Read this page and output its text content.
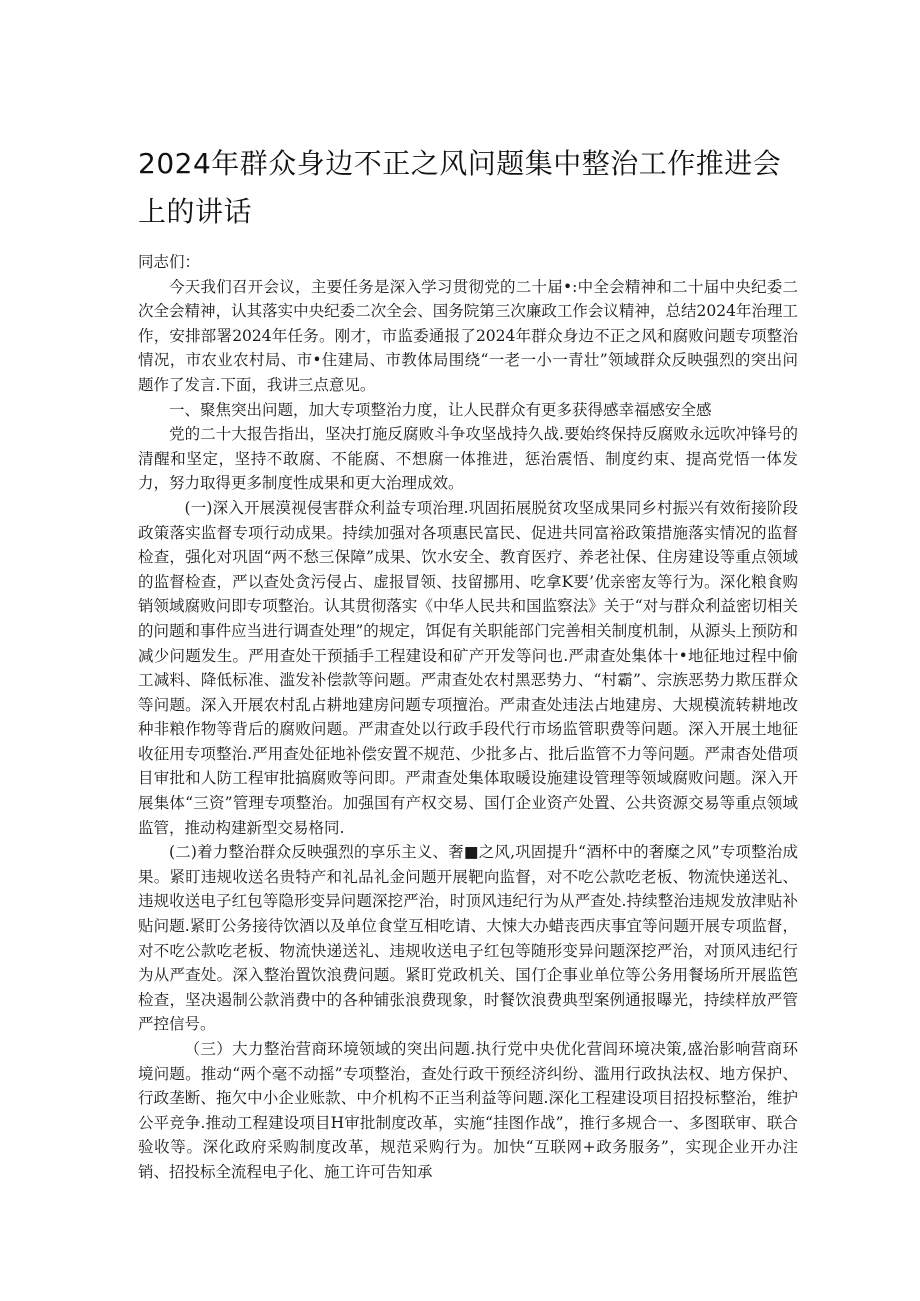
2024年群众身边不正之风问题集中整治工作推进会上的讲话

同志们：

今天我们召开会议，主要任务是深入学习贯彻党的二十届•:中全会精神和二十届中央纪委二次全会精神，认其落实中央纪委二次全会、国务院第三次廉政工作会议精神，总结2024年治理工作，安排部署2024年任务。刚才，市监委通报了2024年群众身边不正之风和腐败问题专项整治情况，市农业农村局、市•住建局、市教体局围绕“一老一小一青壮”领域群众反映强烈的突出问题作了发言.下面，我讲三点意见。

一、聚焦突出问题，加大专项整治力度，让人民群众有更多获得感幸福感安全感

党的二十大报告指出，坚决打施反腐败斗争攻坚战持久战.要始终保持反腐败永远吹冲锋号的清醒和坚定，坚持不敢腐、不能腐、不想腐一体推进，惩治震悟、制度约束、提高党悟一体发力，努力取得更多制度性成果和更大治理成效。

(一)深入开展漠视侵害群众利益专项治理.巩固拓展脱贫攻坚成果同乡村振兴有效衔接阶段政策落实监督专项行动成果。持续加强对各项惠民富民、促进共同富裕政策措施落实情况的监督检查，强化对巩固“两不愁三保障”成果、饮水安全、教育医疗、养老社保、住房建设等重点领域的监督检查，严以查处贪污侵占、虚报冒领、技留挪用、吃拿K要’优亲密友等行为。深化粮食购销领域腐败问即专项整治。认其贯彻落实《中华人民共和国监察法》关于“对与群众利益密切相关的问题和事件应当进行调查处理”的规定，饵促有关职能部门完善相关制度机制，从源头上预防和减少问题发生。严用查处干预插手工程建设和矿产开发等问也.严肃查处集体十•地征地过程中偷工减料、降低标准、滥发补偿款等问题。严肃查处农村黑恶势力、“村霸”、宗族恶势力欺压群众等问题。深入开展农村乱占耕地建房问题专项擅治。严肃查处违法占地建房、大规模流转耕地改种非粮作物等背后的腐败问题。严肃查处以行政手段代行市场监管职费等问题。深入开展土地征收征用专项整治.严用查处征地补偿安置不规范、少批多占、批后监管不力等问题。严肃杳处借项目审批和人防工程审批搞腐败等问即。严肃查处集体取暖设施建设管理等领域腐败问题。深入开展集体“三资”管理专项整治。加强国有产权交易、国仃企业资产处置、公共资源交易等重点领域监管，推动构建新型交易格同.

(二)着力整治群众反映强烈的享乐主义、奢■之风,巩固提升“酒杯中的奢糜之风”专项整治成果。紧盯违规收送名贵特产和礼品礼金问题开展靶向监督，对不吃公款吃老板、物流快递送礼、违规收送电子红包等隐形变异问题深挖严治，时顶风违纪行为从严查处.持续整治违规发放津贴补贴问题.紧盯公务接待饮酒以及单位食堂互相吃请、大悚大办蜡丧西庆事宜等问题开展专项监督，对不吃公款吃老板、物流快递送礼、违规收送电子红包等随形变异问题深挖严治，对顶风违纪行为从严查处。深入整治置饮浪费问题。紧盯党政机关、国仃企事业单位等公务用餐场所开展监笆检查，坚决遏制公款消费中的各种铺张浪费现象，时餐饮浪费典型案例通报曝光，持续样放严管严控信号。

（三）大力整治营商环境领域的突出问题.执行党中央优化营闾环境决策,盛治影响营商环境问题。推动“两个毫不动摇”专项整治，查处行政干预经济纠纷、滥用行政执法权、地方保护、行政垄断、拖欠中小企业账款、中介机构不正当利益等问题.深化工程建设项目招投标整治，维护公平竞争.推动工程建设项目H审批制度改革，实施“挂图作战”，推行多规合一、多图联审、联合验收等。深化政府采购制度改革，规范采购行为。加快“互联网+政务服务”，实现企业开办注销、招投标全流程电子化、施工许可告知承
